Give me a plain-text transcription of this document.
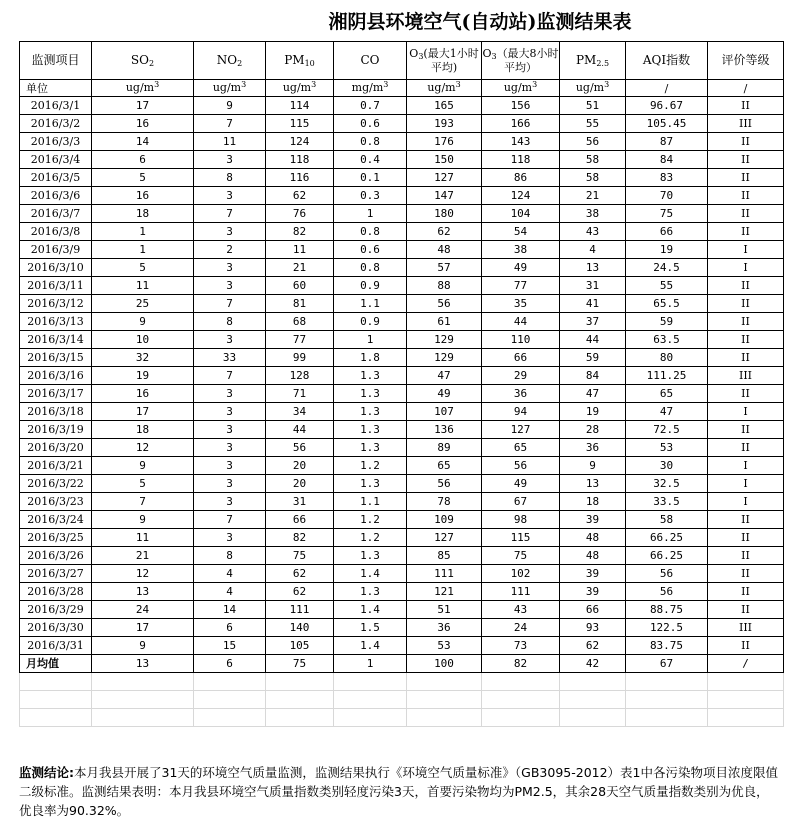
湘阴县环境空气(自动站)监测结果表
监测项目	SO2	NO2	PM10	CO	O3(最大1小时平均)	O3（最大8小时平均）	PM2.5	AQI指数	评价等级
单位	$ug/m^3$	$ug/m^3$	$ug/m^3$	$mg/m^3$	$ug/m^3$	$ug/m^3$	$ug/m^3$	/	/
2016/3/1	17	9	114	0.7	165	156	51	96.67	II
2016/3/2	16	7	115	0.6	193	166	55	105.45	III
2016/3/3	14	11	124	0.8	176	143	56	87	II
2016/3/4	6	3	118	0.4	150	118	58	84	II
2016/3/5	5	8	116	0.1	127	86	58	83	II
2016/3/6	16	3	62	0.3	147	124	21	70	II
2016/3/7	18	7	76	1	180	104	38	75	II
2016/3/8	1	3	82	0.8	62	54	43	66	II
2016/3/9	1	2	11	0.6	48	38	4	19	I
2016/3/10	5	3	21	0.8	57	49	13	24.5	I
2016/3/11	11	3	60	0.9	88	77	31	55	II
2016/3/12	25	7	81	1.1	56	35	41	65.5	II
2016/3/13	9	8	68	0.9	61	44	37	59	II
2016/3/14	10	3	77	1	129	110	44	63.5	II
2016/3/15	32	33	99	1.8	129	66	59	80	II
2016/3/16	19	7	128	1.3	47	29	84	111.25	III
2016/3/17	16	3	71	1.3	49	36	47	65	II
2016/3/18	17	3	34	1.3	107	94	19	47	I
2016/3/19	18	3	44	1.3	136	127	28	72.5	II
2016/3/20	12	3	56	1.3	89	65	36	53	II
2016/3/21	9	3	20	1.2	65	56	9	30	I
2016/3/22	5	3	20	1.3	56	49	13	32.5	I
2016/3/23	7	3	31	1.1	78	67	18	33.5	I
2016/3/24	9	7	66	1.2	109	98	39	58	II
2016/3/25	11	3	82	1.2	127	115	48	66.25	II
2016/3/26	21	8	75	1.3	85	75	48	66.25	II
2016/3/27	12	4	62	1.4	111	102	39	56	II
2016/3/28	13	4	62	1.3	121	111	39	56	II
2016/3/29	24	14	111	1.4	51	43	66	88.75	II
2016/3/30	17	6	140	1.5	36	24	93	122.5	III
2016/3/31	9	15	105	1.4	53	73	62	83.75	II
月均值	13	6	75	1	100	82	42	67	/

监测结论:本月我县开展了31天的环境空气质量监测，监测结果执行《环境空气质量标准》（GB3095-2012）表1中各污染物项目浓度限值二级标准。监测结果表明：本月我县环境空气质量指数类别轻度污染3天，首要污染物均为PM2.5，其余28天空气质量指数类别为优良，优良率为90.32%。
